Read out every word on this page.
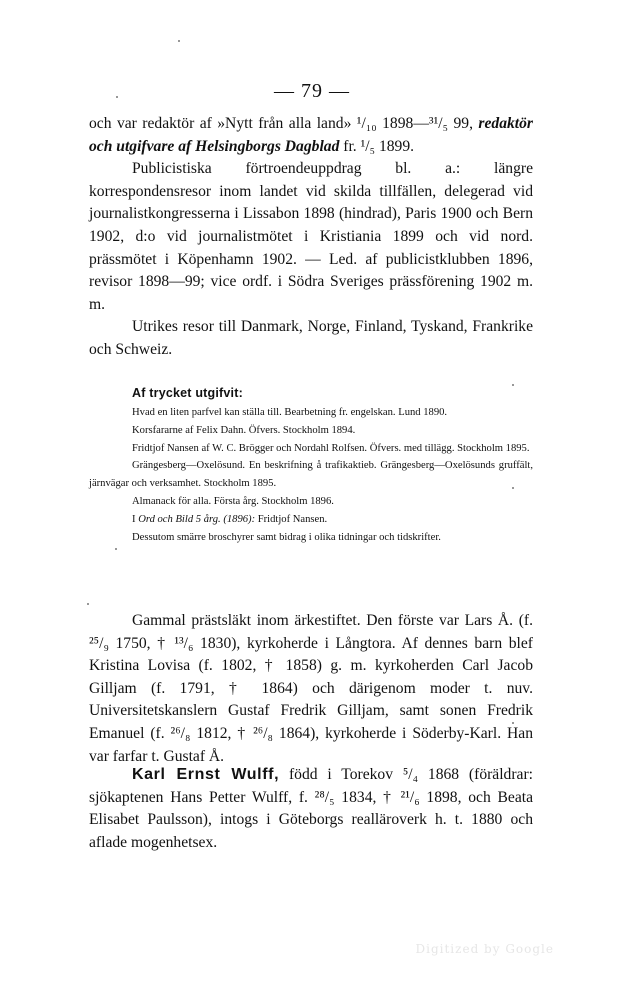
— 79 —

och var redaktör af »Nytt från alla land» ¹/₁₀ 1898—³¹/₅ 99, redaktör och utgifvare af Helsingborgs Dagblad fr. ¹/₅ 1899.

Publicistiska förtroendeuppdrag bl. a.: längre korrespondensresor inom landet vid skilda tillfällen, delegerad vid journalistkongresserna i Lissabon 1898 (hindrad), Paris 1900 och Bern 1902, d:o vid journalistmötet i Kristiania 1899 och vid nord. prässmötet i Köpenhamn 1902. — Led. af publicistklubben 1896, revisor 1898—99; vice ordf. i Södra Sveriges prässförening 1902 m. m.

Utrikes resor till Danmark, Norge, Finland, Tyskand, Frankrike och Schweiz.

Af trycket utgifvit:

Hvad en liten parfvel kan ställa till. Bearbetning fr. engelskan. Lund 1890.

Korsfararne af Felix Dahn. Öfvers. Stockholm 1894.

Fridtjof Nansen af W. C. Brögger och Nordahl Rolfsen. Öfvers. med tillägg. Stockholm 1895.

Grängesberg—Oxelösund. En beskrifning å trafikaktieb. Grängesberg—Oxelösunds gruffält, järnvägar och verksamhet. Stockholm 1895.

Almanack för alla. Första årg. Stockholm 1896.

I Ord och Bild 5 årg. (1896): Fridtjof Nansen.

Dessutom smärre broschyrer samt bidrag i olika tidningar och tidskrifter.

Gammal prästsläkt inom ärkestiftet. Den förste var Lars Å. (f. ²⁵/₉ 1750, † ¹³/₆ 1830), kyrkoherde i Långtora. Af dennes barn blef Kristina Lovisa (f. 1802, † 1858) g. m. kyrkoherden Carl Jacob Gilljam (f. 1791, † 1864) och därigenom moder t. nuv. Universitetskanslern Gustaf Fredrik Gilljam, samt sonen Fredrik Emanuel (f. ²⁶/₈ 1812, † ²⁶/₈ 1864), kyrkoherde i Söderby-Karl. Han var farfar t. Gustaf Å.

Karl Ernst Wulff, född i Torekov ⁵/₄ 1868 (föräldrar: sjökaptenen Hans Petter Wulff, f. ²⁸/₅ 1834, † ²¹/₆ 1898, och Beata Elisabet Paulsson), intogs i Göteborgs realläroverk h. t. 1880 och aflade mogenhetsex.

Digitized by Google
